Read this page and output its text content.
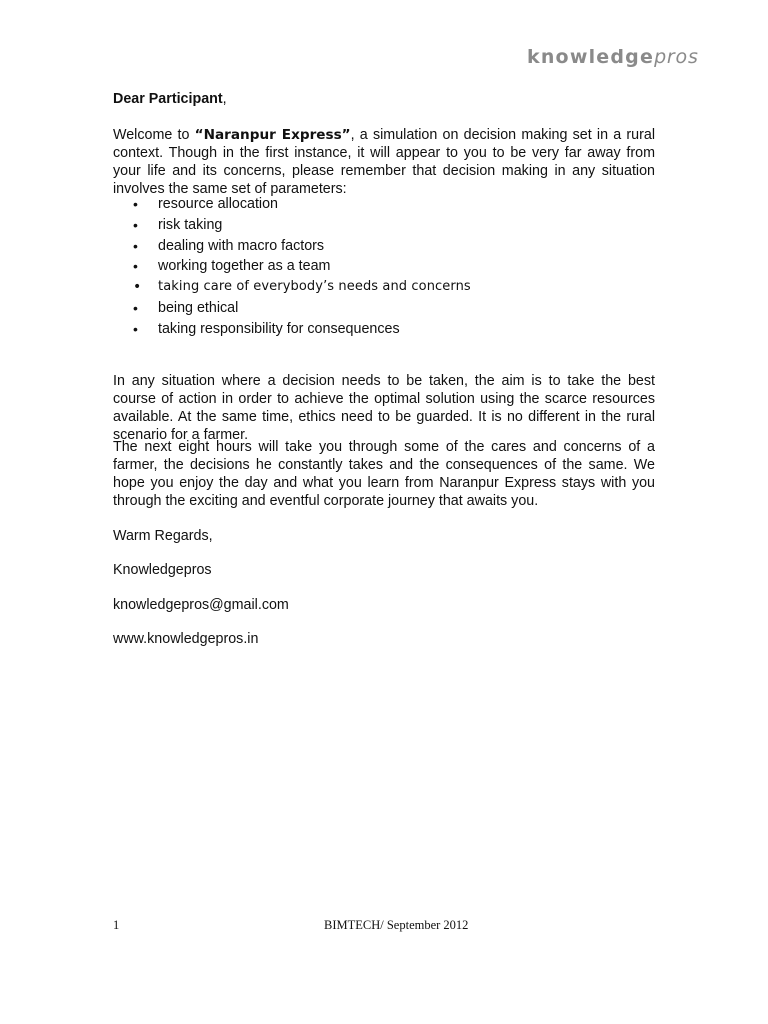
knowledgepros
Dear Participant,
Welcome to “Naranpur Express”, a simulation on decision making set in a rural context. Though in the first instance, it will appear to you to be very far away from your life and its concerns, please remember that decision making in any situation involves the same set of parameters:
• resource allocation
• risk taking
• dealing with macro factors
• working together as a team
• taking care of everybody’s needs and concerns
• being ethical
• taking responsibility for consequences
In any situation where a decision needs to be taken, the aim is to take the best course of action in order to achieve the optimal solution using the scarce resources available. At the same time, ethics need to be guarded. It is no different in the rural scenario for a farmer.
The next eight hours will take you through some of the cares and concerns of a farmer, the decisions he constantly takes and the consequences of the same. We hope you enjoy the day and what you learn from Naranpur Express stays with you through the exciting and eventful corporate journey that awaits you.
Warm Regards,
Knowledgepros
knowledgepros@gmail.com
www.knowledgepros.in
1	BIMTECH/ September 2012
